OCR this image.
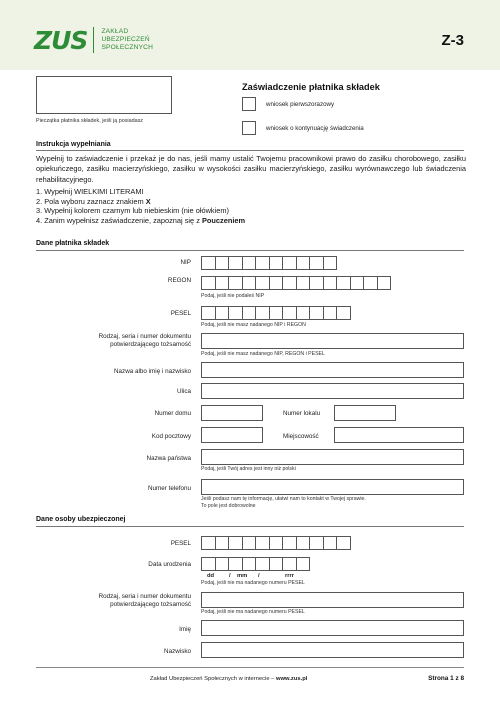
ZUS ZAKŁAD
UBEZPIECZEŃ
SPOŁECZNYCH	Z-3
Pieczątka płatnika składek, jeśli ją posiadasz
Zaświadczenie płatnika składek
wniosek pierwszorazowy
wniosek o kontynuację świadczenia
Instrukcja wypełniania
Wypełnij to zaświadczenie i przekaż je do nas, jeśli mamy ustalić Twojemu pracownikowi prawo do zasiłku chorobowego, zasiłku opiekuńczego, zasiłku macierzyńskiego, zasiłku w wysokości zasiłku macierzyńskiego, zasiłku wyrównawczego lub świadczenia rehabilitacyjnego.
1. Wypełnij WIELKIMI LITERAMI
2. Pola wyboru zaznacz znakiem X
3. Wypełnij kolorem czarnym lub niebieskim (nie ołówkiem)
4. Zanim wypełnisz zaświadczenie, zapoznaj się z Pouczeniem
Dane płatnika składek
NIP
REGON
Podaj, jeśli nie podałeś NIP
PESEL
Podaj, jeśli nie masz nadanego NIP i REGON
Rodzaj, seria i numer dokumentu
potwierdzającego tożsamość
Podaj, jeśli nie masz nadanego NIP, REGON i PESEL
Nazwa albo imię i nazwisko
Ulica
Numer domu	Numer lokalu
Kod pocztowy	Miejscowość
Nazwa państwa
Podaj, jeśli Twój adres jest inny niż polski
Numer telefonu
Jeśli podasz nam tę informację, ułatwi nam to kontakt w Twojej sprawie.
To pole jest dobrowolne
Dane osoby ubezpieczonej
PESEL
Data urodzenia
dd	/ mm /	rrrr
Podaj, jeśli nie ma nadanego numeru PESEL
Rodzaj, seria i numer dokumentu
potwierdzającego tożsamość
Podaj, jeśli nie ma nadanego numeru PESEL
Imię
Nazwisko
Zakład Ubezpieczeń Społecznych w internecie – www.zus.pl	Strona 1 z 8
